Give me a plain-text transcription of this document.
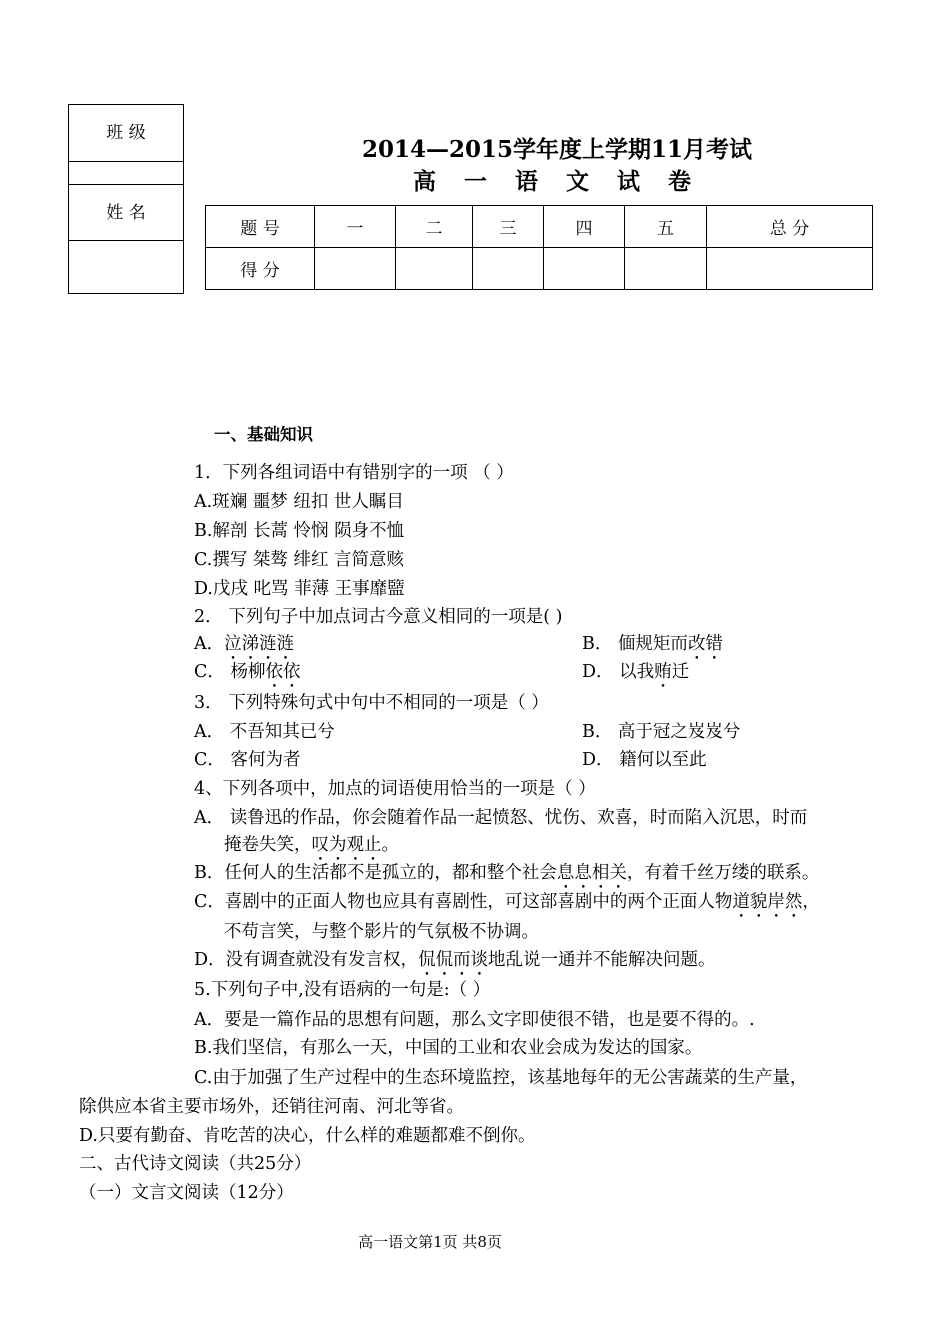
班 级
姓 名
2014—2015学年度上学期11月考试
高 一 语 文 试 卷
题 号	一	二	三	四	五	总 分
得 分						
一、基础知识
1．下列各组词语中有错别字的一项 （ ）
A.斑斓 噩梦 纽扣 世人瞩目
B.解剖 长蒿 怜悯 陨身不恤
C.撰写 桀骜 绯红 言简意赅
D.戊戌 叱骂 菲薄 王事靡盬
2． 下列句子中加点词古今意义相同的一项是( )
A．泣涕涟涟	B． 偭规矩而改错
C． 杨柳依依	D． 以我贿迁
3． 下列特殊句式中句中不相同的一项是（ ）
A． 不吾知其已兮	B． 高于冠之岌岌兮
C． 客何为者	D． 籍何以至此
4、下列各项中，加点的词语使用恰当的一项是（ ）
A． 读鲁迅的作品，你会随着作品一起愤怒、忧伤、欢喜，时而陷入沉思，时而
掩卷失笑，叹为观止。
B．任何人的生活都不是孤立的，都和整个社会息息相关，有着千丝万缕的联系。
C．喜剧中的正面人物也应具有喜剧性，可这部喜剧中的两个正面人物道貌岸然，
不苟言笑，与整个影片的气氛极不协调。
D．没有调查就没有发言权，侃侃而谈地乱说一通并不能解决问题。
5.下列句子中,没有语病的一句是:（ ）
A．要是一篇作品的思想有问题，那么文字即使很不错，也是要不得的。.
B.我们坚信，有那么一天，中国的工业和农业会成为发达的国家。
C.由于加强了生产过程中的生态环境监控，该基地每年的无公害蔬菜的生产量，
除供应本省主要市场外，还销往河南、河北等省。
D.只要有勤奋、肯吃苦的决心，什么样的难题都难不倒你。
二、古代诗文阅读（共25分）
（一）文言文阅读（12分）
高一语文第1页 共8页
